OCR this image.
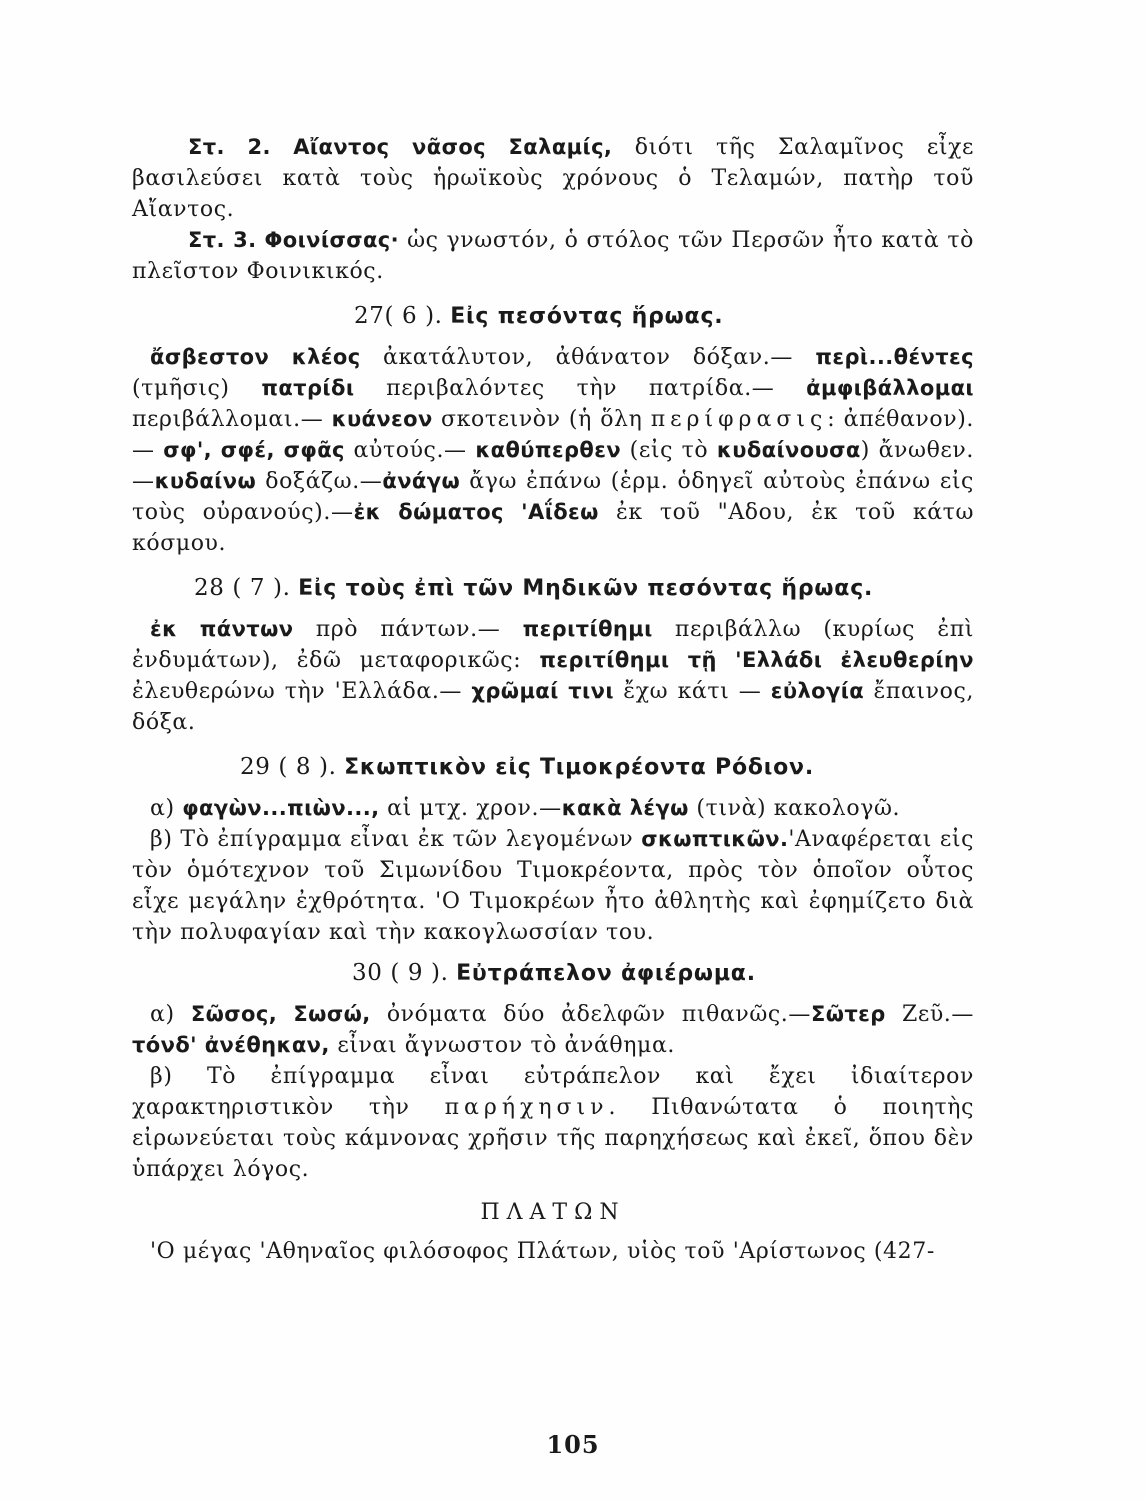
Στ. 2. Αἴαντος νᾶσος Σαλαμίς, διότι τῆς Σαλαμῖνος εἶχε βασιλεύσει κατὰ τοὺς ἡρωϊκοὺς χρόνους ὁ Τελαμών, πατὴρ τοῦ Αἴαντος.

Στ. 3. Φοινίσσας· ὡς γνωστόν, ὁ στόλος τῶν Περσῶν ἦτο κατὰ τὸ πλεῖστον Φοινικικός.

27( 6 ). Εἰς πεσόντας ἥρωας.

ἄσβεστον κλέος ἀκατάλυτον, ἀθάνατον δόξαν.— περὶ...θέντες (τμῆσις) πατρίδι περιβαλόντες τὴν πατρίδα.— ἀμφιβάλλομαι περιβάλλομαι.— κυάνεον σκοτεινὸν (ἡ ὅλη περίφρασις: ἀπέθανον).— σφ', σφέ, σφᾶς αὐτούς.— καθύπερθεν (εἰς τὸ κυδαίνουσα) ἄνωθεν. —κυδαίνω δοξάζω.—ἀνάγω ἄγω ἐπάνω (ἑρμ. ὁδηγεῖ αὐτοὺς ἐπάνω εἰς τοὺς οὐρανούς).—ἐκ δώματος 'Αΐδεω ἐκ τοῦ "Αδου, ἐκ τοῦ κάτω κόσμου.

28 ( 7 ). Εἰς τοὺς ἐπὶ τῶν Μηδικῶν πεσόντας ἥρωας.

ἐκ πάντων πρὸ πάντων.— περιτίθημι περιβάλλω (κυρίως ἐπὶ ἐνδυμάτων), ἐδῶ μεταφορικῶς: περιτίθημι τῇ 'Ελλάδι ἐλευθερίην ἐλευθερώνω τὴν 'Ελλάδα.— χρῶμαί τινι ἔχω κάτι — εὐλογία ἔπαινος, δόξα.

29 ( 8 ). Σκωπτικὸν εἰς Τιμοκρέοντα Ρόδιον.

α) φαγὼν...πιὼν..., αἱ μτχ. χρον.—κακὰ λέγω (τινὰ) κακολογῶ.

β) Τὸ ἐπίγραμμα εἶναι ἐκ τῶν λεγομένων σκωπτικῶν.'Αναφέρεται εἰς τὸν ὁμότεχνον τοῦ Σιμωνίδου Τιμοκρέοντα, πρὸς τὸν ὁποῖον οὗτος εἶχε μεγάλην ἐχθρότητα. 'Ο Τιμοκρέων ἦτο ἀθλητὴς καὶ ἐφημίζετο διὰ τὴν πολυφαγίαν καὶ τὴν κακογλωσσίαν του.

30 ( 9 ). Εὐτράπελον ἀφιέρωμα.

α) Σῶσος, Σωσώ, ὀνόματα δύο ἀδελφῶν πιθανῶς.—Σῶτερ Ζεῦ.— τόνδ' ἀνέθηκαν, εἶναι ἄγνωστον τὸ ἀνάθημα.

β) Τὸ ἐπίγραμμα εἶναι εὐτράπελον καὶ ἔχει ἰδιαίτερον χαρακτηριστικὸν τὴν παρήχησιν. Πιθανώτατα ὁ ποιητὴς εἰρωνεύεται τοὺς κάμνονας χρῆσιν τῆς παρηχήσεως καὶ ἐκεῖ, ὅπου δὲν ὑπάρχει λόγος.

ΠΛΑΤΩΝ

'Ο μέγας 'Αθηναῖος φιλόσοφος Πλάτων, υἱὸς τοῦ 'Αρίστωνος (427-

105
